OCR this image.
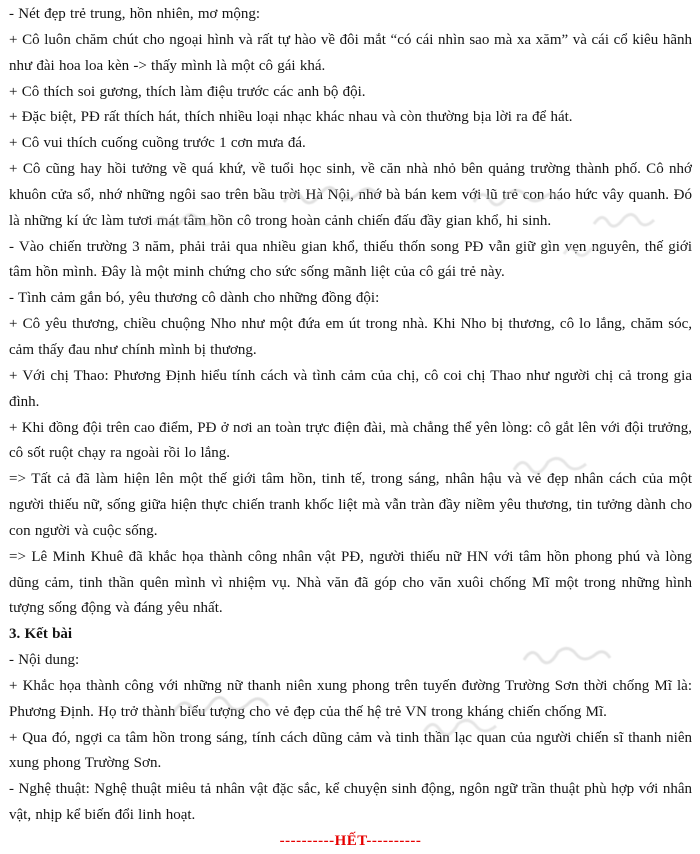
- Nét đẹp trẻ trung, hồn nhiên, mơ mộng:

+ Cô luôn chăm chút cho ngoại hình và rất tự hào về đôi mắt “có cái nhìn sao mà xa xăm” và cái cổ kiêu hãnh như đài hoa loa kèn -> thấy mình là một cô gái khá.

+ Cô thích soi gương, thích làm điệu trước các anh bộ đội.

+ Đặc biệt, PĐ rất thích hát, thích nhiều loại nhạc khác nhau và còn thường bịa lời ra để hát.

+ Cô vui thích cuống cuồng trước 1 cơn mưa đá.

+ Cô cũng hay hồi tưởng về quá khứ, về tuổi học sinh, về căn nhà nhỏ bên quảng trường thành phố. Cô nhớ khuôn cửa sổ, nhớ những ngôi sao trên bầu trời Hà Nội, nhớ bà bán kem với lũ trẻ con háo hức vây quanh. Đó là những kí ức làm tươi mát tâm hồn cô trong hoàn cảnh chiến đấu đầy gian khổ, hi sinh.

- Vào chiến trường 3 năm, phải trải qua nhiều gian khổ, thiếu thốn song PĐ vẫn giữ gìn vẹn nguyên, thế giới tâm hồn mình. Đây là một minh chứng cho sức sống mãnh liệt của cô gái trẻ này.

- Tình cảm gắn bó, yêu thương cô dành cho những đồng đội:

+ Cô yêu thương, chiều chuộng Nho như một đứa em út trong nhà. Khi Nho bị thương, cô lo lắng, chăm sóc, cảm thấy đau như chính mình bị thương.

+ Với chị Thao: Phương Định hiểu tính cách và tình cảm của chị, cô coi chị Thao như người chị cả trong gia đình.

+ Khi đồng đội trên cao điểm, PĐ ở nơi an toàn trực điện đài, mà chẳng thể yên lòng: cô gắt lên với đội trưởng, cô sốt ruột chạy ra ngoài rồi lo lắng.

=> Tất cả đã làm hiện lên một thế giới tâm hồn, tinh tế, trong sáng, nhân hậu và vẻ đẹp nhân cách của một người thiếu nữ, sống giữa hiện thực chiến tranh khốc liệt mà vẫn tràn đầy niềm yêu thương, tin tưởng dành cho con người và cuộc sống.

=> Lê Minh Khuê đã khắc họa thành công nhân vật PĐ, người thiếu nữ HN với tâm hồn phong phú và lòng dũng cảm, tinh thần quên mình vì nhiệm vụ. Nhà văn đã góp cho văn xuôi chống Mĩ một trong những hình tượng sống động và đáng yêu nhất.

3. Kết bài

- Nội dung:

+ Khắc họa thành công với những nữ thanh niên xung phong trên tuyến đường Trường Sơn thời chống Mĩ là: Phương Định. Họ trở thành biểu tượng cho vẻ đẹp của thế hệ trẻ VN trong kháng chiến chống Mĩ.

+ Qua đó, ngợi ca tâm hồn trong sáng, tính cách dũng cảm và tinh thần lạc quan của người chiến sĩ thanh niên xung phong Trường Sơn.

- Nghệ thuật: Nghệ thuật miêu tả nhân vật đặc sắc, kể chuyện sinh động, ngôn ngữ trần thuật phù hợp với nhân vật, nhịp kể biến đổi linh hoạt.

----------HẾT----------
